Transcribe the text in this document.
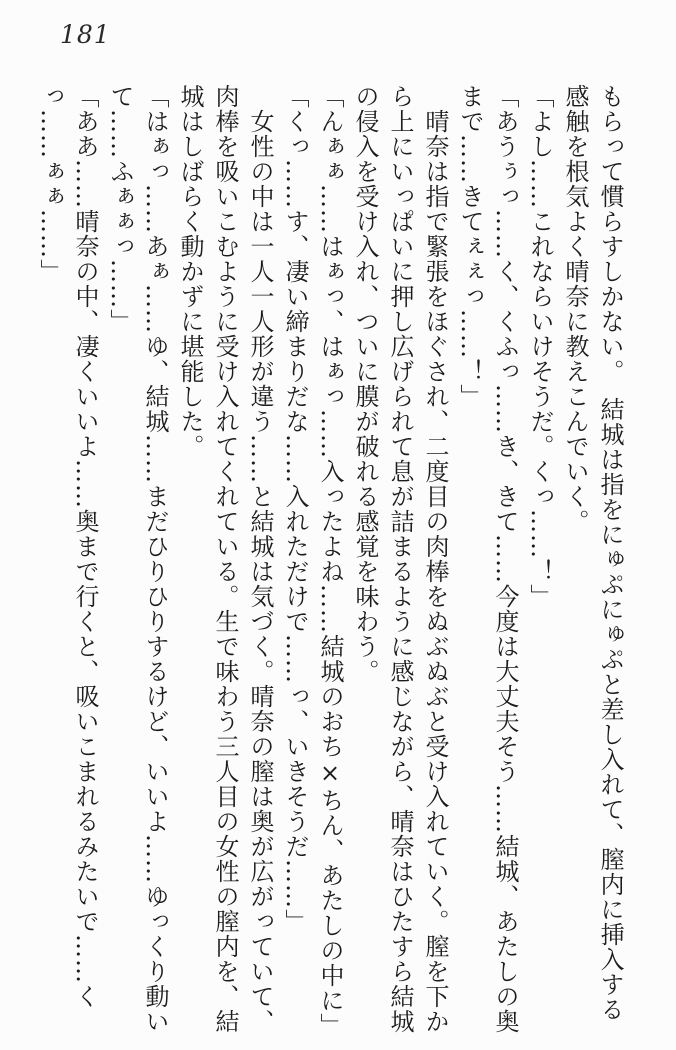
181

もらって慣らすしかない。　結城は指をにゅぷにゅぷと差し入れて、膣内に挿入する感触を根気よく晴奈に教えこんでいく。

「よし……これならいけそうだ。くっ……！」

「あうぅっ……く、くふっ……き、きて……今度は大丈夫そう……結城、あたしの奥まで……きてぇぇっ……！」

　晴奈は指で緊張をほぐされ、二度目の肉棒をぬぶぬぶと受け入れていく。膣を下から上にいっぱいに押し広げられて息が詰まるように感じながら、晴奈はひたすら結城の侵入を受け入れ、ついに膜が破れる感覚を味わう。

「んぁぁ……はぁっ、はぁっ……入ったよね……結城のおち×ちん、あたしの中に」

「くっ……す、凄い締まりだな……入れただけで……っ、いきそうだ……」

　女性の中は一人一人形が違う……と結城は気づく。晴奈の膣は奥が広がっていて、肉棒を吸いこむように受け入れてくれている。生で味わう三人目の女性の膣内を、結城はしばらく動かずに堪能した。

「はぁっ……あぁ……ゆ、結城……まだひりひりするけど、いいよ……ゆっくり動いて……ふぁぁっ……」

「ああ……晴奈の中、凄くいいよ……奥まで行くと、吸いこまれるみたいで……くっ……ぁぁ……」
